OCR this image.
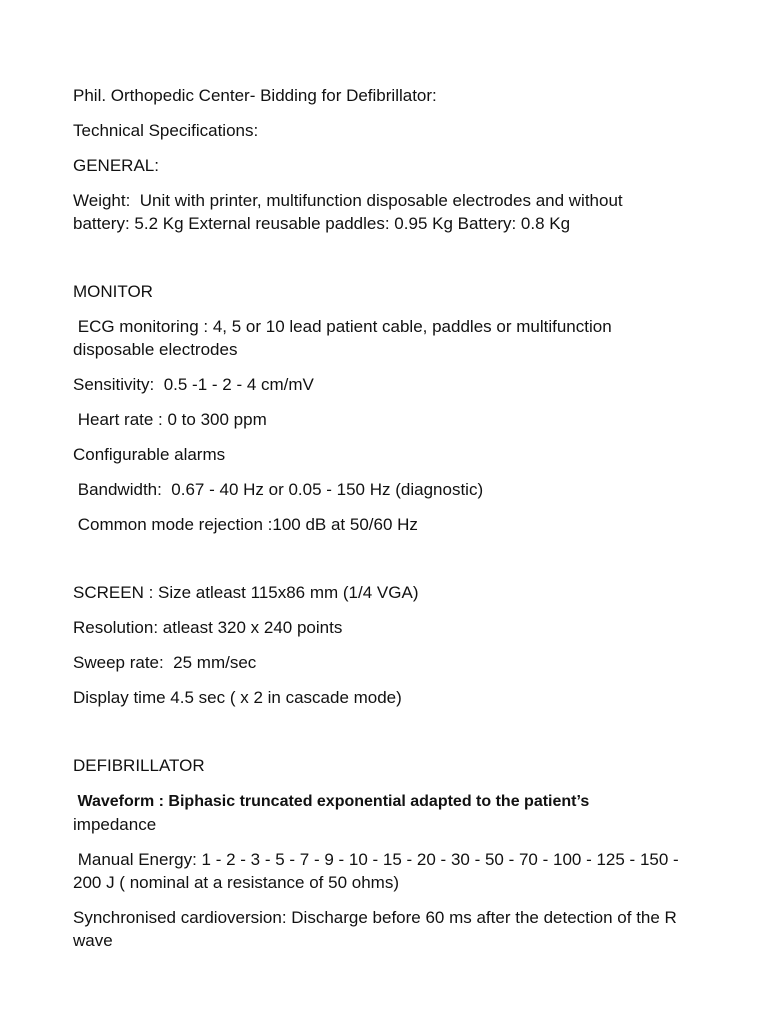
Phil. Orthopedic Center- Bidding for Defibrillator:

Technical Specifications:

GENERAL:

Weight:  Unit with printer, multifunction disposable electrodes and without battery: 5.2 Kg External reusable paddles: 0.95 Kg Battery: 0.8 Kg

MONITOR

ECG monitoring : 4, 5 or 10 lead patient cable, paddles or multifunction disposable electrodes

Sensitivity:  0.5 -1 - 2 - 4 cm/mV

Heart rate : 0 to 300 ppm

Configurable alarms

Bandwidth:  0.67 - 40 Hz or 0.05 - 150 Hz (diagnostic)

Common mode rejection :100 dB at 50/60 Hz

SCREEN : Size atleast 115x86 mm (1/4 VGA)

Resolution: atleast 320 x 240 points

Sweep rate:  25 mm/sec

Display time 4.5 sec ( x 2 in cascade mode)

DEFIBRILLATOR

Waveform : Biphasic truncated exponential adapted to the patient’s
impedance

Manual Energy: 1 - 2 - 3 - 5 - 7 - 9 - 10 - 15 - 20 - 30 - 50 - 70 - 100 - 125 - 150 - 200 J ( nominal at a resistance of 50 ohms)

Synchronised cardioversion: Discharge before 60 ms after the detection of the R wave
